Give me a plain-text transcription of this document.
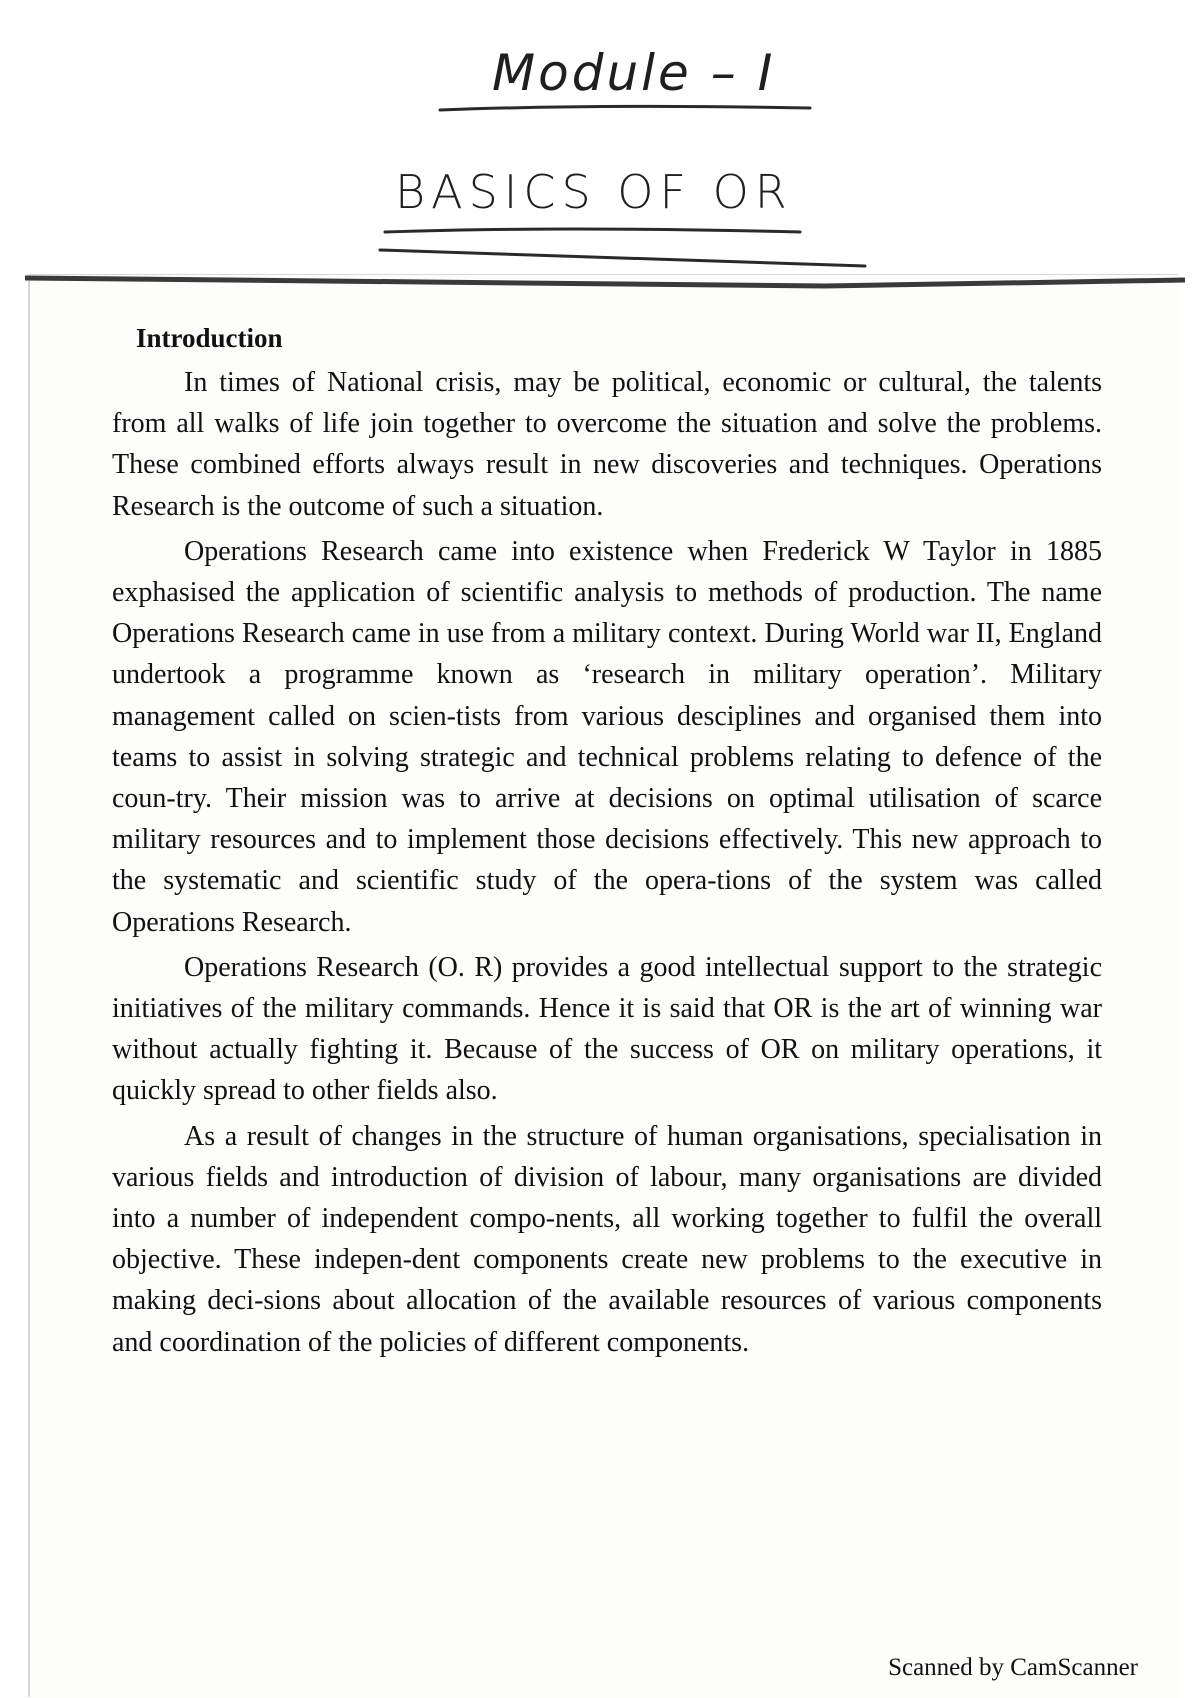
Module – I
BASICS OF OR
Introduction

In times of National crisis, may be political, economic or cultural, the talents from all walks of life join together to overcome the situation and solve the problems. These combined efforts always result in new discoveries and techniques. Operations Research is the outcome of such a situation.

Operations Research came into existence when Frederick W Taylor in 1885 exphasised the application of scientific analysis to methods of production. The name Operations Research came in use from a military context. During World war II, England undertook a programme known as ‘research in military operation’. Military management called on scien-tists from various desciplines and organised them into teams to assist in solving strategic and technical problems relating to defence of the coun-try. Their mission was to arrive at decisions on optimal utilisation of scarce military resources and to implement those decisions effectively. This new approach to the systematic and scientific study of the opera-tions of the system was called Operations Research.

Operations Research (O. R) provides a good intellectual support to the strategic initiatives of the military commands. Hence it is said that OR is the art of winning war without actually fighting it. Because of the success of OR on military operations, it quickly spread to other fields also.

As a result of changes in the structure of human organisations, specialisation in various fields and introduction of division of labour, many organisations are divided into a number of independent compo-nents, all working together to fulfil the overall objective. These indepen-dent components create new problems to the executive in making deci-sions about allocation of the available resources of various components and coordination of the policies of different components.

Scanned by CamScanner
